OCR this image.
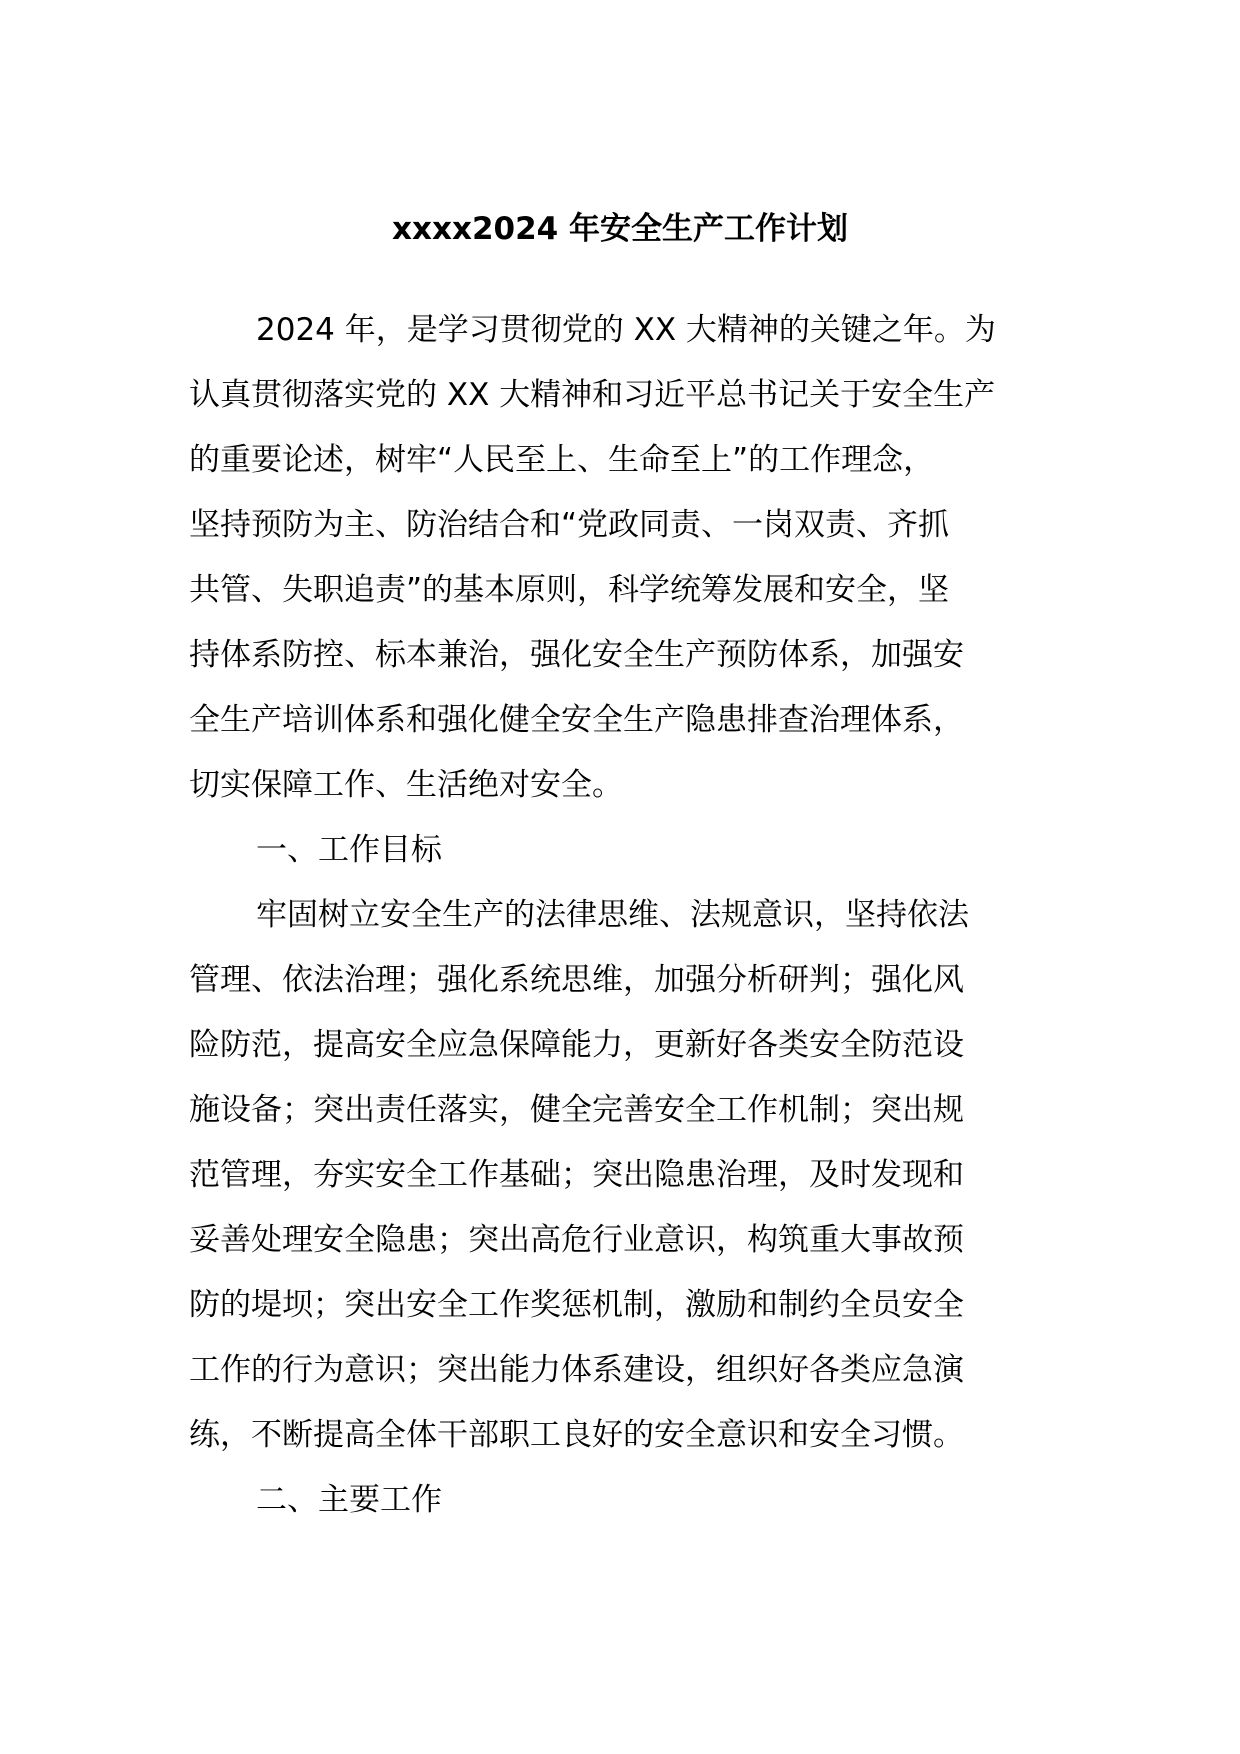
xxxx2024 年安全生产工作计划
2024 年，是学习贯彻党的 XX 大精神的关键之年。为
认真贯彻落实党的 XX 大精神和习近平总书记关于安全生产
的重要论述，树牢“人民至上、生命至上”的工作理念，
坚持预防为主、防治结合和“党政同责、一岗双责、齐抓
共管、失职追责”的基本原则，科学统筹发展和安全，坚
持体系防控、标本兼治，强化安全生产预防体系，加强安
全生产培训体系和强化健全安全生产隐患排查治理体系，
切实保障工作、生活绝对安全。
一、工作目标
牢固树立安全生产的法律思维、法规意识，坚持依法
管理、依法治理；强化系统思维，加强分析研判；强化风
险防范，提高安全应急保障能力，更新好各类安全防范设
施设备；突出责任落实，健全完善安全工作机制；突出规
范管理，夯实安全工作基础；突出隐患治理，及时发现和
妥善处理安全隐患；突出高危行业意识，构筑重大事故预
防的堤坝；突出安全工作奖惩机制，激励和制约全员安全
工作的行为意识；突出能力体系建设，组织好各类应急演
练，不断提高全体干部职工良好的安全意识和安全习惯。
二、主要工作
